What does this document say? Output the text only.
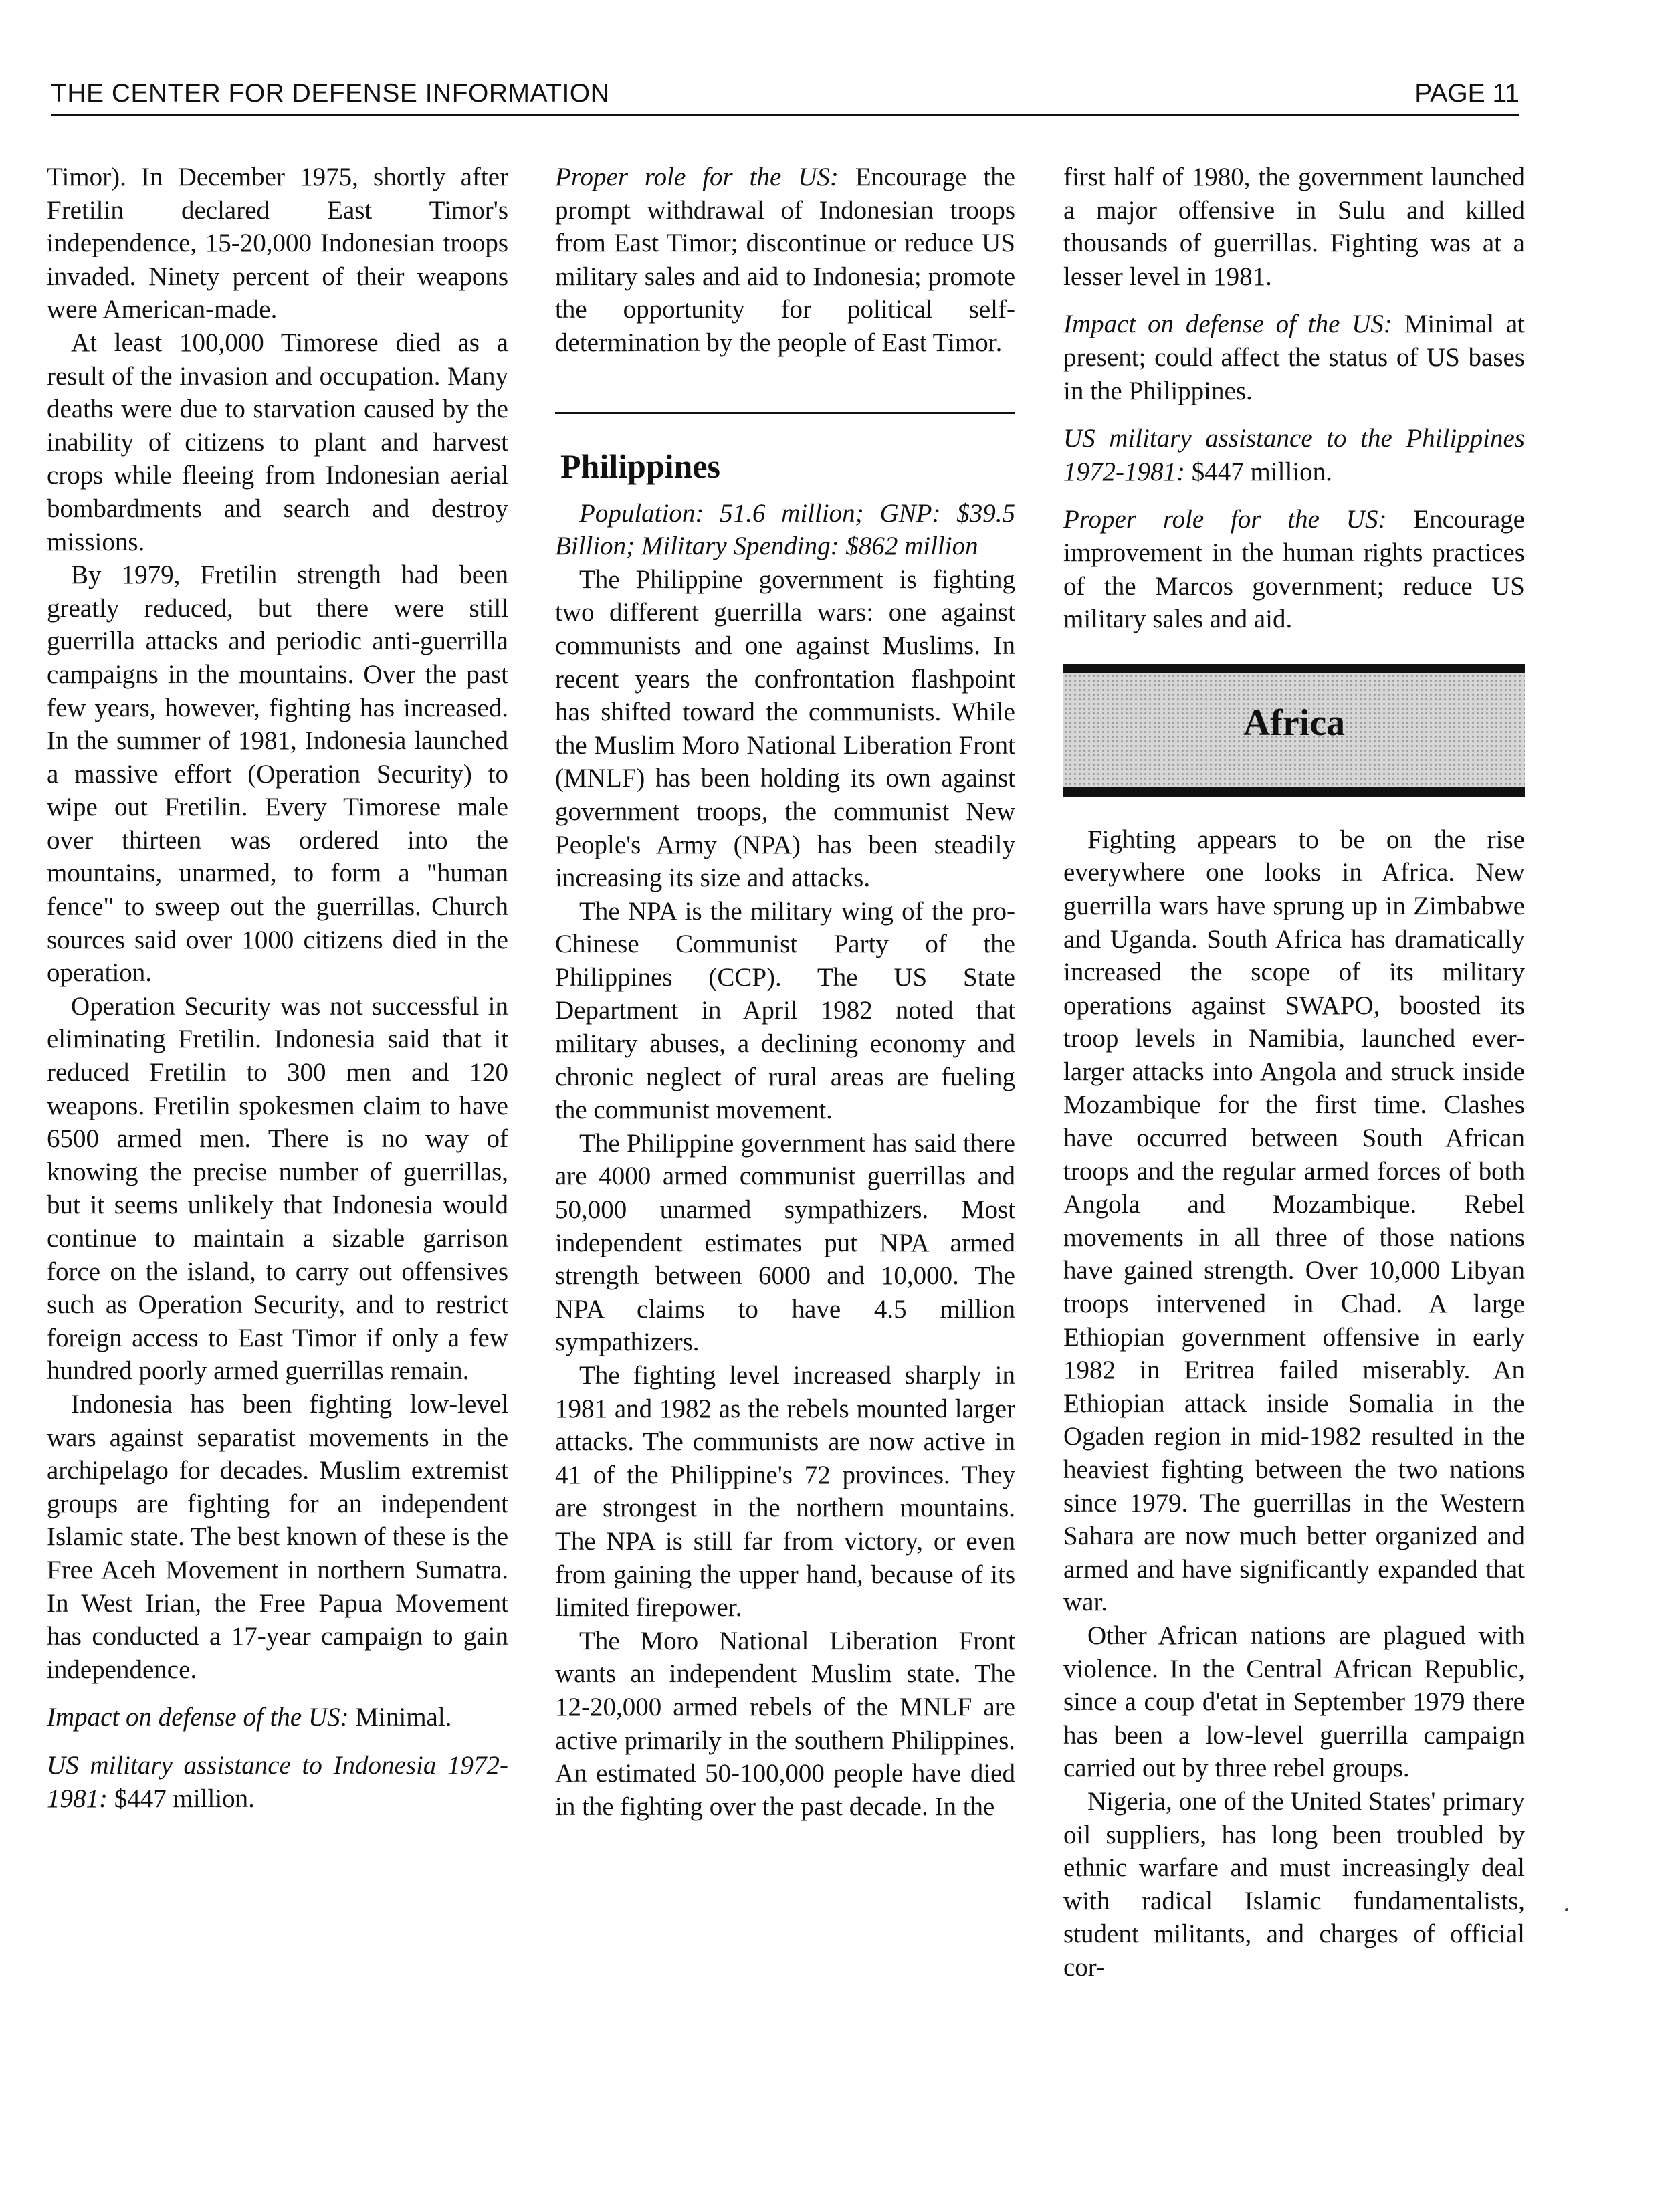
THE CENTER FOR DEFENSE INFORMATION	PAGE 11

Timor). In December 1975, shortly after Fretilin declared East Timor's independence, 15-20,000 Indonesian troops invaded. Ninety percent of their weapons were American-made.

At least 100,000 Timorese died as a result of the invasion and occupation. Many deaths were due to starvation caused by the inability of citizens to plant and harvest crops while fleeing from Indonesian aerial bombardments and search and destroy missions.

By 1979, Fretilin strength had been greatly reduced, but there were still guerrilla attacks and periodic anti-guerrilla campaigns in the mountains. Over the past few years, however, fighting has increased. In the summer of 1981, Indonesia launched a massive effort (Operation Security) to wipe out Fretilin. Every Timorese male over thirteen was ordered into the mountains, unarmed, to form a "human fence" to sweep out the guerrillas. Church sources said over 1000 citizens died in the operation.

Operation Security was not successful in eliminating Fretilin. Indonesia said that it reduced Fretilin to 300 men and 120 weapons. Fretilin spokesmen claim to have 6500 armed men. There is no way of knowing the precise number of guerrillas, but it seems unlikely that Indonesia would continue to maintain a sizable garrison force on the island, to carry out offensives such as Operation Security, and to restrict foreign access to East Timor if only a few hundred poorly armed guerrillas remain.

Indonesia has been fighting low-level wars against separatist movements in the archipelago for decades. Muslim extremist groups are fighting for an independent Islamic state. The best known of these is the Free Aceh Movement in northern Sumatra. In West Irian, the Free Papua Movement has conducted a 17-year campaign to gain independence.

Impact on defense of the US: Minimal.

US military assistance to Indonesia 1972-1981: $447 million.

Proper role for the US: Encourage the prompt withdrawal of Indonesian troops from East Timor; discontinue or reduce US military sales and aid to Indonesia; promote the opportunity for political self-determination by the people of East Timor.

Philippines

Population: 51.6 million; GNP: $39.5 Billion; Military Spending: $862 million

The Philippine government is fighting two different guerrilla wars: one against communists and one against Muslims. In recent years the confrontation flashpoint has shifted toward the communists. While the Muslim Moro National Liberation Front (MNLF) has been holding its own against government troops, the communist New People's Army (NPA) has been steadily increasing its size and attacks.

The NPA is the military wing of the pro-Chinese Communist Party of the Philippines (CCP). The US State Department in April 1982 noted that military abuses, a declining economy and chronic neglect of rural areas are fueling the communist movement.

The Philippine government has said there are 4000 armed communist guerrillas and 50,000 unarmed sympathizers. Most independent estimates put NPA armed strength between 6000 and 10,000. The NPA claims to have 4.5 million sympathizers.

The fighting level increased sharply in 1981 and 1982 as the rebels mounted larger attacks. The communists are now active in 41 of the Philippine's 72 provinces. They are strongest in the northern mountains. The NPA is still far from victory, or even from gaining the upper hand, because of its limited firepower.

The Moro National Liberation Front wants an independent Muslim state. The 12-20,000 armed rebels of the MNLF are active primarily in the southern Philippines. An estimated 50-100,000 people have died in the fighting over the past decade. In the

first half of 1980, the government launched a major offensive in Sulu and killed thousands of guerrillas. Fighting was at a lesser level in 1981.

Impact on defense of the US: Minimal at present; could affect the status of US bases in the Philippines.

US military assistance to the Philippines 1972-1981: $447 million.

Proper role for the US: Encourage improvement in the human rights practices of the Marcos government; reduce US military sales and aid.

Africa

Fighting appears to be on the rise everywhere one looks in Africa. New guerrilla wars have sprung up in Zimbabwe and Uganda. South Africa has dramatically increased the scope of its military operations against SWAPO, boosted its troop levels in Namibia, launched ever-larger attacks into Angola and struck inside Mozambique for the first time. Clashes have occurred between South African troops and the regular armed forces of both Angola and Mozambique. Rebel movements in all three of those nations have gained strength. Over 10,000 Libyan troops intervened in Chad. A large Ethiopian government offensive in early 1982 in Eritrea failed miserably. An Ethiopian attack inside Somalia in the Ogaden region in mid-1982 resulted in the heaviest fighting between the two nations since 1979. The guerrillas in the Western Sahara are now much better organized and armed and have significantly expanded that war.

Other African nations are plagued with violence. In the Central African Republic, since a coup d'etat in September 1979 there has been a low-level guerrilla campaign carried out by three rebel groups.

Nigeria, one of the United States' primary oil suppliers, has long been troubled by ethnic warfare and must increasingly deal with radical Islamic fundamentalists, student militants, and charges of official cor-
